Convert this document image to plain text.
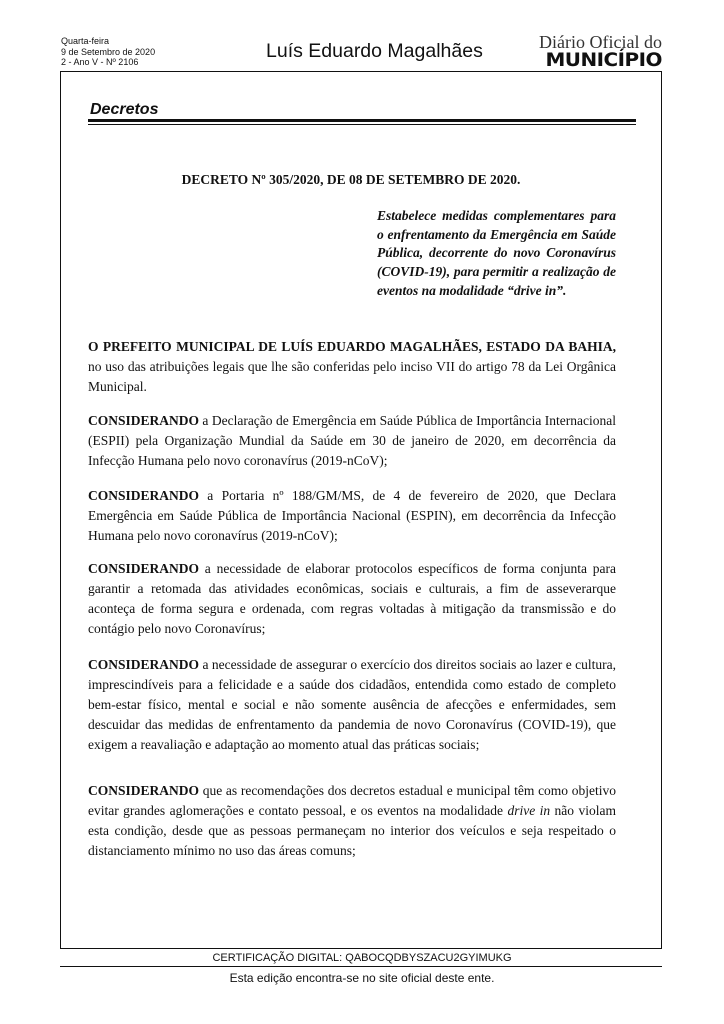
Quarta-feira
9 de Setembro de 2020
2 - Ano V - Nº 2106	Luís Eduardo Magalhães	Diário Oficial do
MUNICÍPIO
Decretos
DECRETO Nº 305/2020, DE 08 DE SETEMBRO DE 2020.
Estabelece medidas complementares para o enfrentamento da Emergência em Saúde Pública, decorrente do novo Coronavírus (COVID-19), para permitir a realização de eventos na modalidade “drive in”.
O PREFEITO MUNICIPAL DE LUÍS EDUARDO MAGALHÃES, ESTADO DA BAHIA, no uso das atribuições legais que lhe são conferidas pelo inciso VII do artigo 78 da Lei Orgânica Municipal.
CONSIDERANDO a Declaração de Emergência em Saúde Pública de Importância Internacional (ESPII) pela Organização Mundial da Saúde em 30 de janeiro de 2020, em decorrência da Infecção Humana pelo novo coronavírus (2019-nCoV);
CONSIDERANDO a Portaria nº 188/GM/MS, de 4 de fevereiro de 2020, que Declara Emergência em Saúde Pública de Importância Nacional (ESPIN), em decorrência da Infecção Humana pelo novo coronavírus (2019-nCoV);
CONSIDERANDO a necessidade de elaborar protocolos específicos de forma conjunta para garantir a retomada das atividades econômicas, sociais e culturais, a fim de asseverarque aconteça de forma segura e ordenada, com regras voltadas à mitigação da transmissão e do contágio pelo novo Coronavírus;
CONSIDERANDO a necessidade de assegurar o exercício dos direitos sociais ao lazer e cultura, imprescindíveis para a felicidade e a saúde dos cidadãos, entendida como estado de completo bem-estar físico, mental e social e não somente ausência de afecções e enfermidades, sem descuidar das medidas de enfrentamento da pandemia de novo Coronavírus (COVID-19), que exigem a reavaliação e adaptação ao momento atual das práticas sociais;
CONSIDERANDO que as recomendações dos decretos estadual e municipal têm como objetivo evitar grandes aglomerações e contato pessoal, e os eventos na modalidade drive in não violam esta condição, desde que as pessoas permaneçam no interior dos veículos e seja respeitado o distanciamento mínimo no uso das áreas comuns;
CERTIFICAÇÃO DIGITAL: QABOCQDBYSZACU2GYIMUKG
Esta edição encontra-se no site oficial deste ente.
